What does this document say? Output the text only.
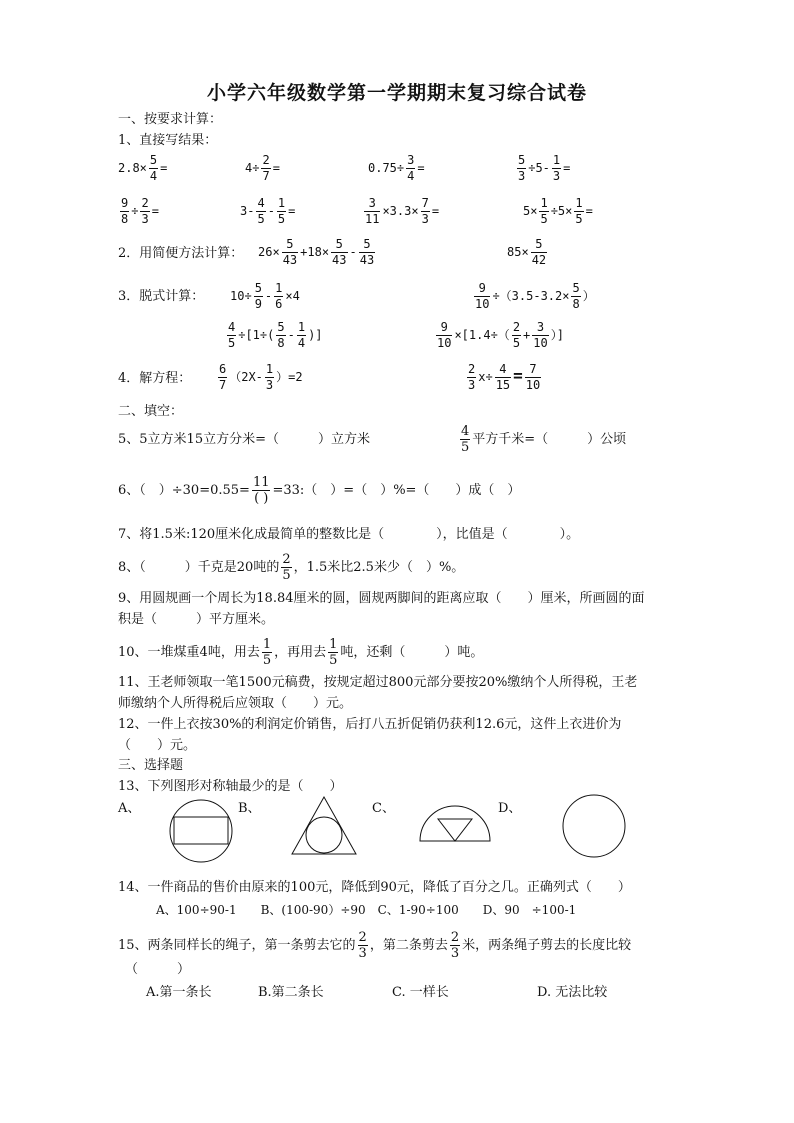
小学六年级数学第一学期期末复习综合试卷
一、按要求计算：
1、直接写结果：
$2.8\times \frac{5}{4}$ =	$4\div \frac{2}{7}$ =	$0.75\div \frac{3}{4}$ =	$\frac{5}{3} \div 5- \frac{1}{3}$ =
$\frac{9}{8} \div \frac{2}{3}$ =	$3- \frac{4}{5} - \frac{1}{5}$ =	$\frac{3}{11} \times 3.3\times \frac{7}{3}$ =	$5\times \frac{1}{5} \div 5\times \frac{1}{5}$ =
2．用简便方法计算： $26\times \frac{5}{43} +18\times \frac{5}{43} - \frac{5}{43}$	$85\times \frac{5}{42}$
3．脱式计算： $10\div \frac{5}{9} - \frac{1}{6} \times 4$	$\frac{9}{10} \div(3.5-3.2\times \frac{5}{8}$ ）
$\frac{4}{5} \div[1\div( \frac{5}{8} - \frac{1}{4}$ )]	$\frac{9}{10} \times[1.4\div( \frac{2}{5} + \frac{3}{10}$ ）]
4．解方程： $\frac{6}{7} (2X- \frac{1}{3} )=2$	$\frac{2}{3} x\div \frac{4}{15} = \frac{7}{10}$
二、填空：
5、5立方米15立方分米=（　　　）立方米	$\frac{4}{5}$ 平方千米=（　　　）公顷
6、（　）$\div 30=0.55= \frac{11}{( )}$ =33:（　）=（　）%=（　　）成（　）
7、将1.5米:120厘米化成最简单的整数比是（　　　　），比值是（　　　　）。
8、（　　　）千克是20吨的 $\frac{2}{5}$ ，1.5米比2.5米少（　）%。
9、用圆规画一个周长为18.84厘米的圆，圆规两脚间的距离应取（　　）厘米，所画圆的面
积是（　　　）平方厘米。
10、一堆煤重4吨，用去 $\frac{1}{5}$ ，再用去 $\frac{1}{5}$ 吨，还剩（　　　）吨。
11、王老师领取一笔1500元稿费，按规定超过800元部分要按20%缴纳个人所得税，王老
师缴纳个人所得税后应领取（　　）元。
12、一件上衣按30%的利润定价销售，后打八五折促销仍获利12.6元，这件上衣进价为
（　　）元。
三、选择题
13、下列图形对称轴最少的是（　　）
A、	B、	C、	D、
14、一件商品的售价由原来的100元，降低到90元，降低了百分之几。正确列式（　　）
A、100÷90-1　　B、(100-90）÷90　C、1-90÷100　　D、90　÷100-1
15、两条同样长的绳子，第一条剪去它的 $\frac{2}{3}$ ，第二条剪去 $\frac{2}{3}$ 米，两条绳子剪去的长度比较
（　　　）
A.第一条长	B.第二条长	C. 一样长	D. 无法比较
